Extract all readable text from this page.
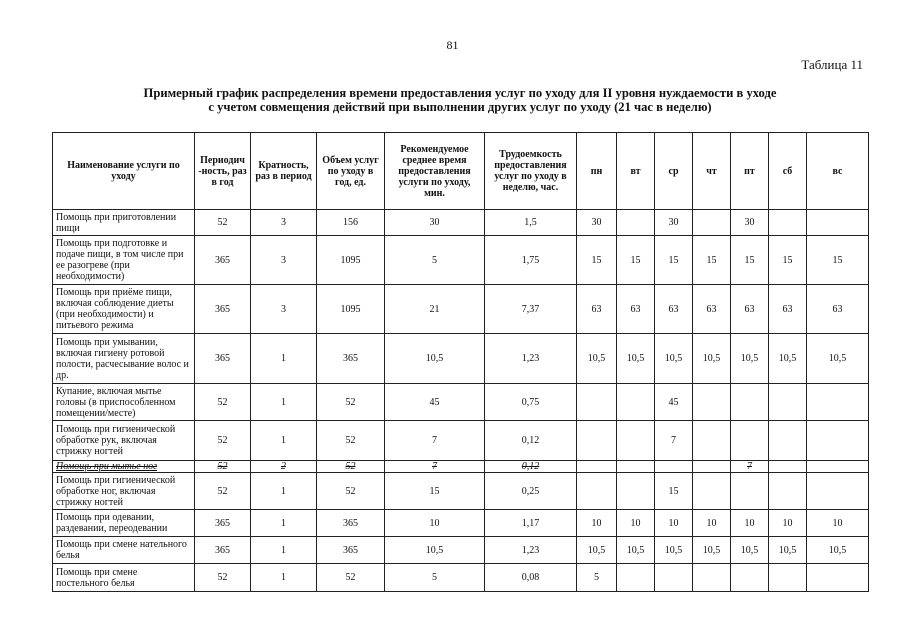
81
Таблица 11
Примерный график распределения времени предоставления услуг по уходу для II уровня нуждаемости в уходе
с учетом совмещения действий при выполнении других услуг по уходу (21 час в неделю)
Наименование услуги по уходу	Периодич -ность, раз в год	Кратность, раз в период	Объем услуг по уходу в год, ед.	Рекомендуемое среднее время предоставления услуги по уходу, мин.	Трудоемкость предоставления услуг по уходу в неделю, час.	пн	вт	ср	чт	пт	сб	вс
Помощь при приготовлении пищи	52	3	156	30	1,5	30		30		30		
Помощь при подготовке и подаче пищи, в том числе при ее разогреве (при необходимости)	365	3	1095	5	1,75	15	15	15	15	15	15	15
Помощь при приёме пищи, включая соблюдение диеты (при необходимости) и питьевого режима	365	3	1095	21	7,37	63	63	63	63	63	63	63
Помощь при умывании, включая гигиену ротовой полости, расчесывание волос и др.	365	1	365	10,5	1,23	10,5	10,5	10,5	10,5	10,5	10,5	10,5
Купание, включая мытье головы (в приспособленном помещении/месте)	52	1	52	45	0,75			45				
Помощь при гигиенической обработке рук, включая стрижку ногтей	52	1	52	7	0,12			7				
Помощь при мытье ног	52	2	52	7	0,12					7		
Помощь при гигиенической обработке ног, включая стрижку ногтей	52	1	52	15	0,25			15				
Помощь при одевании, раздевании, переодевании	365	1	365	10	1,17	10	10	10	10	10	10	10
Помощь при смене нательного белья	365	1	365	10,5	1,23	10,5	10,5	10,5	10,5	10,5	10,5	10,5
Помощь при смене постельного белья	52	1	52	5	0,08	5						
